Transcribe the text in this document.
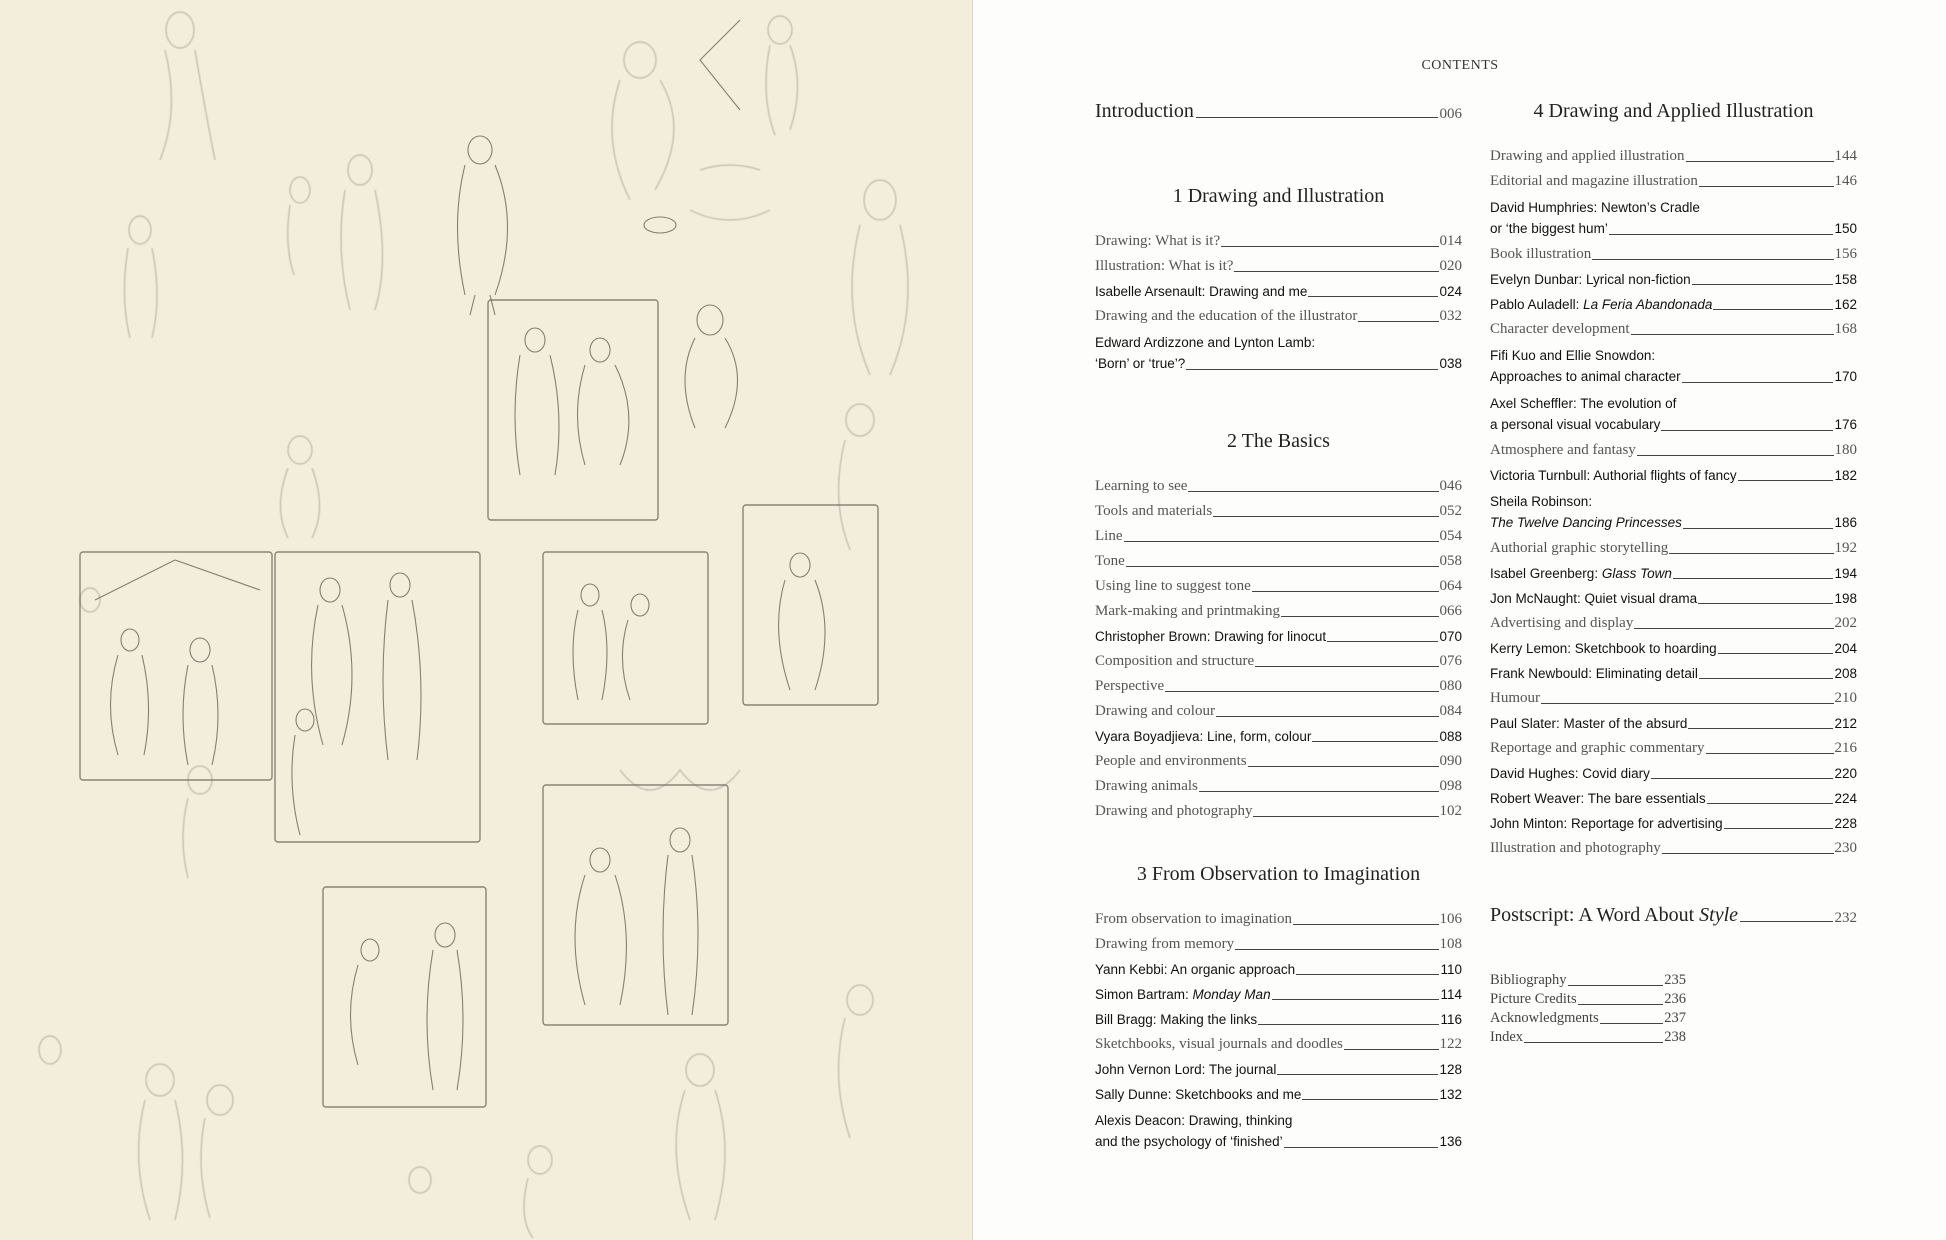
CONTENTS
Introduction	006
1 Drawing and Illustration
Drawing: What is it?	014
Illustration: What is it?	020
Isabelle Arsenault: Drawing and me	024
Drawing and the education of the illustrator	032
Edward Ardizzone and Lynton Lamb:
‘Born’ or ‘true’?	038
2 The Basics
Learning to see	046
Tools and materials	052
Line	054
Tone	058
Using line to suggest tone	064
Mark-making and printmaking	066
Christopher Brown: Drawing for linocut	070
Composition and structure	076
Perspective	080
Drawing and colour	084
Vyara Boyadjieva: Line, form, colour	088
People and environments	090
Drawing animals	098
Drawing and photography	102
3 From Observation to Imagination
From observation to imagination	106
Drawing from memory	108
Yann Kebbi: An organic approach	110
Simon Bartram: Monday Man	114
Bill Bragg: Making the links	116
Sketchbooks, visual journals and doodles	122
John Vernon Lord: The journal	128
Sally Dunne: Sketchbooks and me	132
Alexis Deacon: Drawing, thinking
and the psychology of ‘finished’	136
4 Drawing and Applied Illustration
Drawing and applied illustration	144
Editorial and magazine illustration	146
David Humphries: Newton’s Cradle
or ‘the biggest hum’	150
Book illustration	156
Evelyn Dunbar: Lyrical non-fiction	158
Pablo Auladell: La Feria Abandonada	162
Character development	168
Fifi Kuo and Ellie Snowdon:
Approaches to animal character	170
Axel Scheffler: The evolution of
a personal visual vocabulary	176
Atmosphere and fantasy	180
Victoria Turnbull: Authorial flights of fancy	182
Sheila Robinson:
The Twelve Dancing Princesses	186
Authorial graphic storytelling	192
Isabel Greenberg: Glass Town	194
Jon McNaught: Quiet visual drama	198
Advertising and display	202
Kerry Lemon: Sketchbook to hoarding	204
Frank Newbould: Eliminating detail	208
Humour	210
Paul Slater: Master of the absurd	212
Reportage and graphic commentary	216
David Hughes: Covid diary	220
Robert Weaver: The bare essentials	224
John Minton: Reportage for advertising	228
Illustration and photography	230
Postscript: A Word About Style	232
Bibliography	235
Picture Credits	236
Acknowledgments	237
Index	238
